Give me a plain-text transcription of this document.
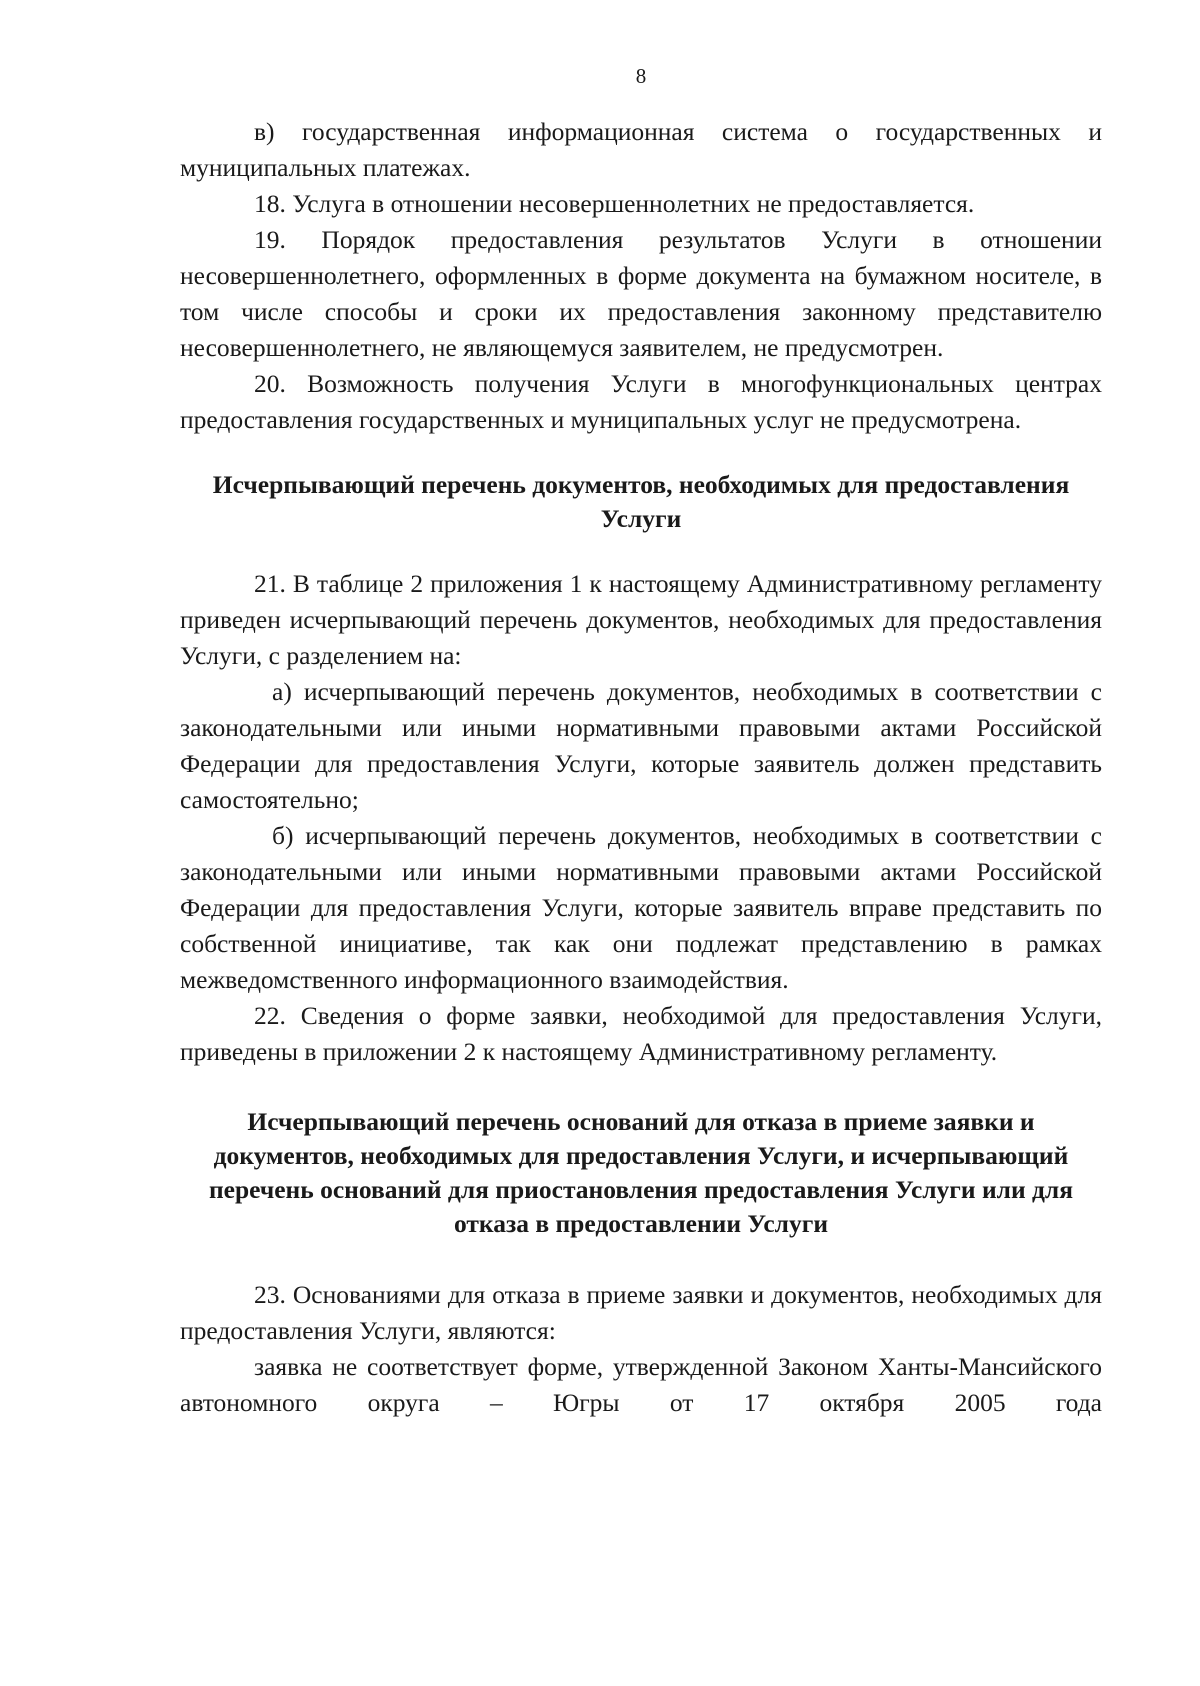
8

в) государственная информационная система о государственных и муниципальных платежах.

18. Услуга в отношении несовершеннолетних не предоставляется.

19. Порядок предоставления результатов Услуги в отношении несовершеннолетнего, оформленных в форме документа на бумажном носителе, в том числе способы и сроки их предоставления законному представителю несовершеннолетнего, не являющемуся заявителем, не предусмотрен.

20. Возможность получения Услуги в многофункциональных центрах предоставления государственных и муниципальных услуг не предусмотрена.

Исчерпывающий перечень документов, необходимых для предоставления Услуги

21. В таблице 2 приложения 1 к настоящему Административному регламенту приведен исчерпывающий перечень документов, необходимых для предоставления Услуги, с разделением на:

а) исчерпывающий перечень документов, необходимых в соответствии с законодательными или иными нормативными правовыми актами Российской Федерации для предоставления Услуги, которые заявитель должен представить самостоятельно;

б) исчерпывающий перечень документов, необходимых в соответствии с законодательными или иными нормативными правовыми актами Российской Федерации для предоставления Услуги, которые заявитель вправе представить по собственной инициативе, так как они подлежат представлению в рамках межведомственного информационного взаимодействия.

22. Сведения о форме заявки, необходимой для предоставления Услуги, приведены в приложении 2 к настоящему Административному регламенту.

Исчерпывающий перечень оснований для отказа в приеме заявки и документов, необходимых для предоставления Услуги, и исчерпывающий перечень оснований для приостановления предоставления Услуги или для отказа в предоставлении Услуги

23. Основаниями для отказа в приеме заявки и документов, необходимых для предоставления Услуги, являются:

заявка не соответствует форме, утвержденной Законом Ханты-Мансийского автономного округа – Югры от 17 октября 2005 года
